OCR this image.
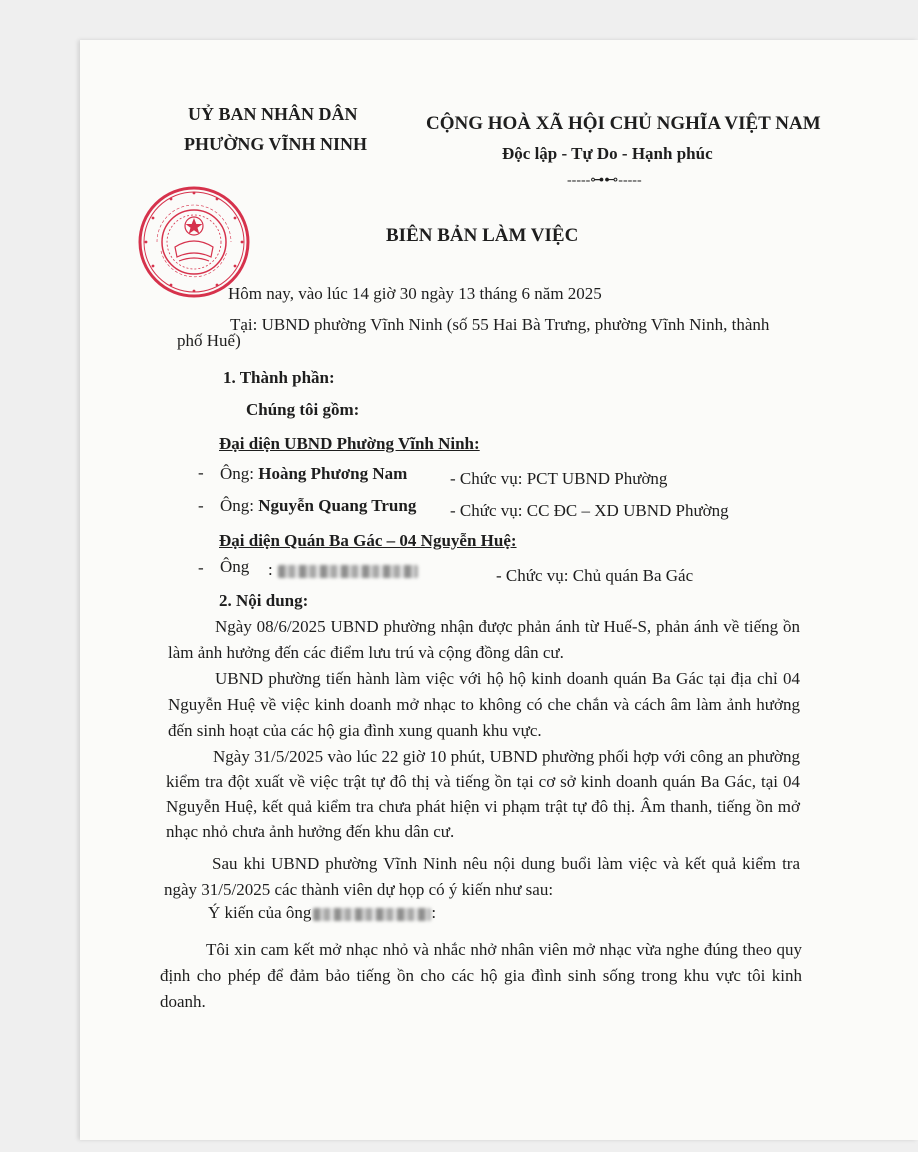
UỶ BAN NHÂN DÂN
PHƯỜNG VĨNH NINH
CỘNG HOÀ XÃ HỘI CHỦ NGHĨA VIỆT NAM
Độc lập - Tự Do - Hạnh phúc
-----⊶⊷-----
BIÊN BẢN LÀM VIỆC
Hôm nay, vào lúc 14 giờ 30 ngày 13 tháng 6 năm 2025
Tại: UBND phường Vĩnh Ninh (số 55 Hai Bà Trưng, phường Vĩnh Ninh, thành
phố Huế)
1. Thành phần:
Chúng tôi gồm:
Đại diện UBND Phường Vĩnh Ninh:
- Ông: Hoàng Phương Nam	- Chức vụ: PCT UBND Phường
- Ông: Nguyễn Quang Trung - Chức vụ: CC ĐC – XD UBND Phường
Đại diện Quán Ba Gác – 04 Nguyễn Huệ:
- Ông :	- Chức vụ: Chủ quán Ba Gác
2. Nội dung:
Ngày 08/6/2025 UBND phường nhận được phản ánh từ Huế-S, phản ánh về tiếng ồn làm ảnh hưởng đến các điểm lưu trú và cộng đồng dân cư.
UBND phường tiến hành làm việc với hộ hộ kinh doanh quán Ba Gác tại địa chỉ 04 Nguyễn Huệ về việc kinh doanh mở nhạc to không có che chắn và cách âm làm ảnh hưởng đến sinh hoạt của các hộ gia đình xung quanh khu vực.
Ngày 31/5/2025 vào lúc 22 giờ 10 phút, UBND phường phối hợp với công an phường kiểm tra đột xuất về việc trật tự đô thị và tiếng ồn tại cơ sở kinh doanh quán Ba Gác, tại 04 Nguyễn Huệ, kết quả kiểm tra chưa phát hiện vi phạm trật tự đô thị. Âm thanh, tiếng ồn mở nhạc nhỏ chưa ảnh hưởng đến khu dân cư.
Sau khi UBND phường Vĩnh Ninh nêu nội dung buổi làm việc và kết quả kiểm tra ngày 31/5/2025 các thành viên dự họp có ý kiến như sau:
Ý kiến của ông	:
Tôi xin cam kết mở nhạc nhỏ và nhắc nhở nhân viên mở nhạc vừa nghe đúng theo quy định cho phép để đảm bảo tiếng ồn cho các hộ gia đình sinh sống trong khu vực tôi kinh doanh.
